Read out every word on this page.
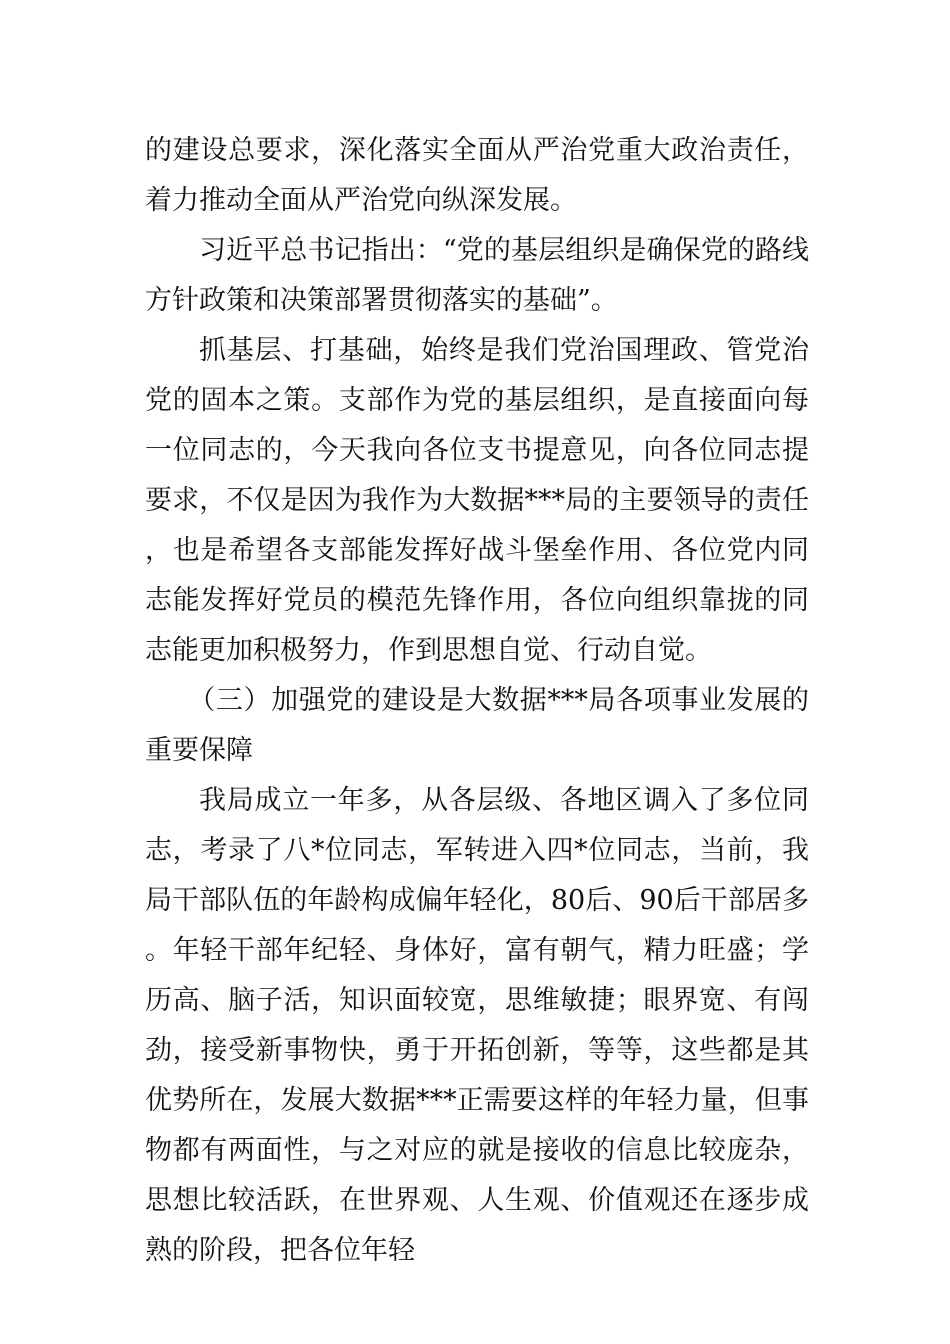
的建设总要求，深化落实全面从严治党重大政治责任，着力推动全面从严治党向纵深发展。

习近平总书记指出：“党的基层组织是确保党的路线方针政策和决策部署贯彻落实的基础”。

抓基层、打基础，始终是我们党治国理政、管党治党的固本之策。支部作为党的基层组织，是直接面向每一位同志的，今天我向各位支书提意见，向各位同志提要求，不仅是因为我作为大数据***局的主要领导的责任，也是希望各支部能发挥好战斗堡垒作用、各位党内同志能发挥好党员的模范先锋作用，各位向组织靠拢的同志能更加积极努力，作到思想自觉、行动自觉。

（三）加强党的建设是大数据***局各项事业发展的重要保障

我局成立一年多，从各层级、各地区调入了多位同志，考录了八*位同志，军转进入四*位同志，当前，我局干部队伍的年龄构成偏年轻化，80后、90后干部居多。年轻干部年纪轻、身体好，富有朝气，精力旺盛；学历高、脑子活，知识面较宽，思维敏捷；眼界宽、有闯劲，接受新事物快，勇于开拓创新，等等，这些都是其优势所在，发展大数据***正需要这样的年轻力量，但事物都有两面性，与之对应的就是接收的信息比较庞杂，思想比较活跃，在世界观、人生观、价值观还在逐步成熟的阶段，把各位年轻
